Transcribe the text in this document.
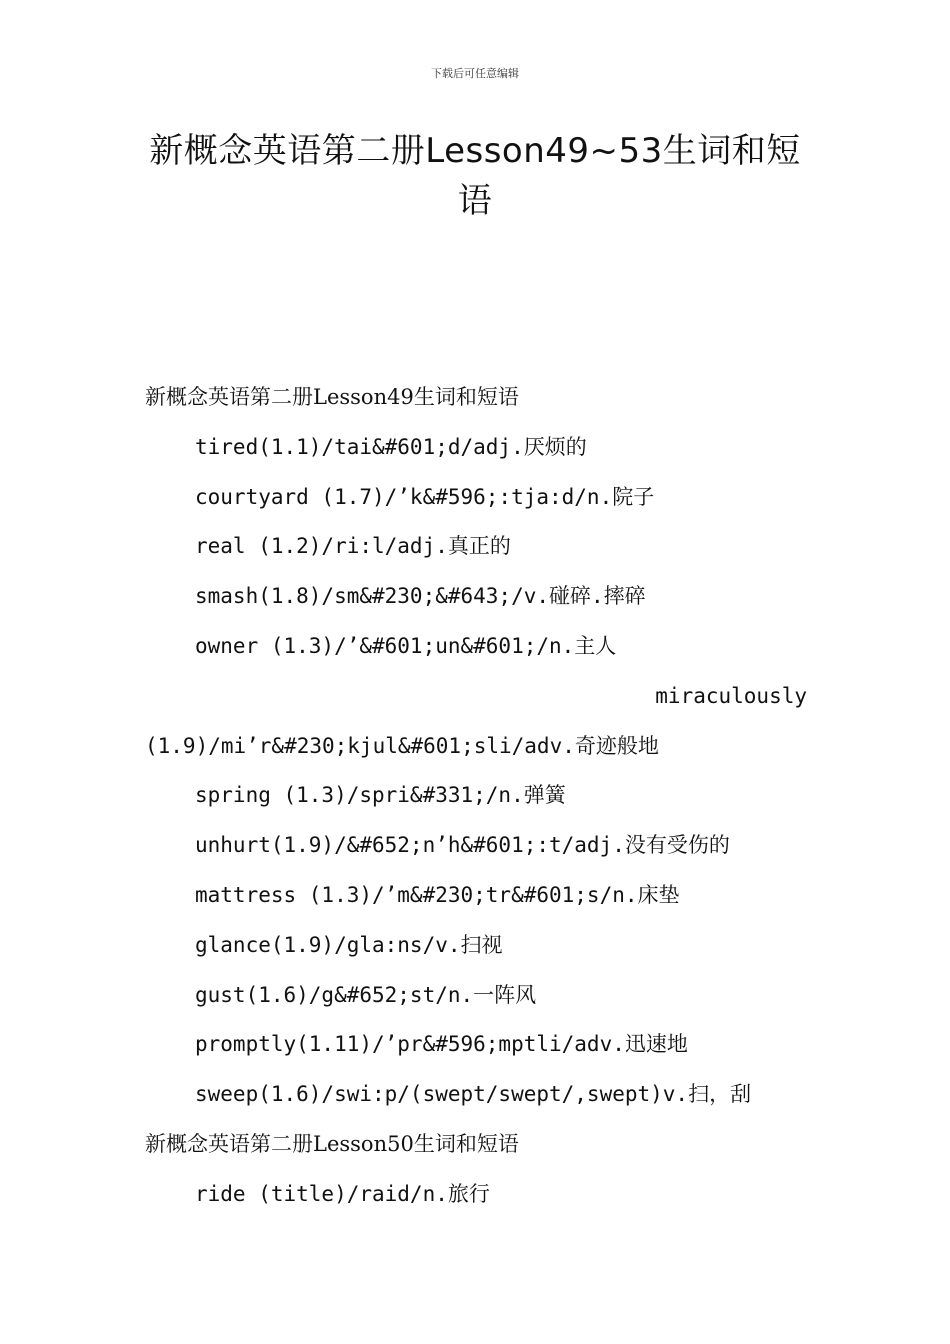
下载后可任意编辑
新概念英语第二册Lesson49~53生词和短语
新概念英语第二册Lesson49生词和短语
tired(1.1)/tai&#601;d/adj.厌烦的
courtyard (1.7)/’k&#596;:tja:d/n.院子
real (1.2)/ri:l/adj.真正的
smash(1.8)/sm&#230;&#643;/v.碰碎.摔碎
owner (1.3)/’&#601;un&#601;/n.主人
miraculously
(1.9)/mi’r&#230;kjul&#601;sli/adv.奇迹般地
spring (1.3)/spri&#331;/n.弹簧
unhurt(1.9)/&#652;n’h&#601;:t/adj.没有受伤的
mattress (1.3)/’m&#230;tr&#601;s/n.床垫
glance(1.9)/gla:ns/v.扫视
gust(1.6)/g&#652;st/n.一阵风
promptly(1.11)/’pr&#596;mptli/adv.迅速地
sweep(1.6)/swi:p/(swept/swept/,swept)v.扫，刮
新概念英语第二册Lesson50生词和短语
ride (title)/raid/n.旅行
